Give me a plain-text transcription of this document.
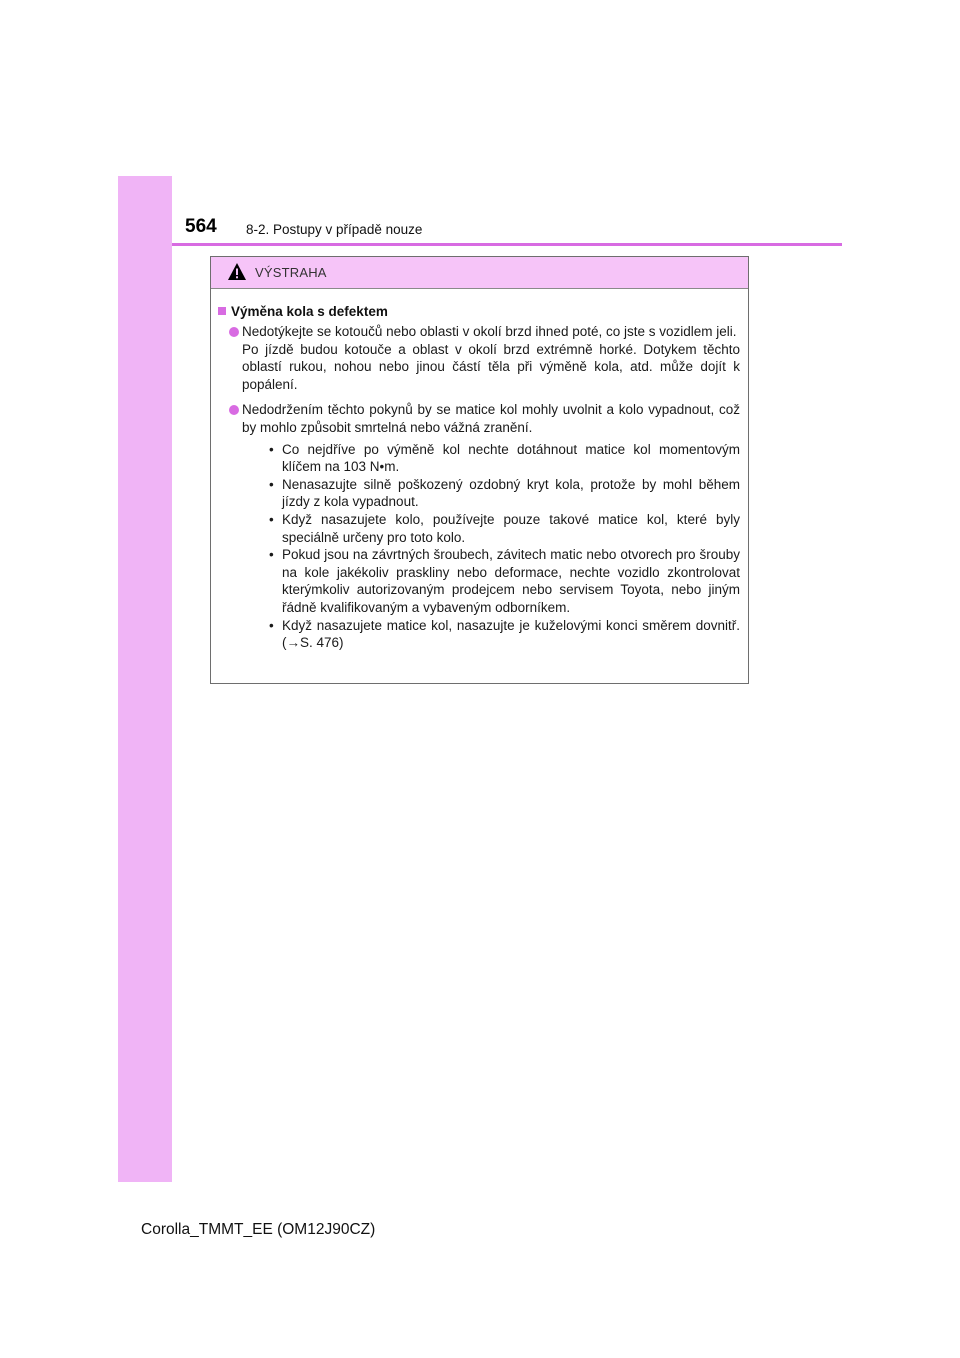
564 8-2. Postupy v případě nouze
VÝSTRAHA
Výměna kola s defektem

Nedotýkejte se kotoučů nebo oblasti v okolí brzd ihned poté, co jste s vozidlem jeli.

Po jízdě budou kotouče a oblast v okolí brzd extrémně horké. Dotykem těchto oblastí rukou, nohou nebo jinou částí těla při výměně kola, atd. může dojít k popálení.

Nedodržením těchto pokynů by se matice kol mohly uvolnit a kolo vypadnout, což by mohlo způsobit smrtelná nebo vážná zranění.

• Co nejdříve po výměně kol nechte dotáhnout matice kol momentovým klíčem na 103 N•m.

• Nenasazujte silně poškozený ozdobný kryt kola, protože by mohl během jízdy z kola vypadnout.

• Když nasazujete kolo, používejte pouze takové matice kol, které byly speciálně určeny pro toto kolo.

• Pokud jsou na závrtných šroubech, závitech matic nebo otvorech pro šrouby na kole jakékoliv praskliny nebo deformace, nechte vozidlo zkontrolovat kterýmkoliv autorizovaným prodejcem nebo servisem Toyota, nebo jiným řádně kvalifikovaným a vybaveným odborníkem.

• Když nasazujete matice kol, nasazujte je kuželovými konci směrem dovnitř. (→S. 476)

Corolla_TMMT_EE (OM12J90CZ)
